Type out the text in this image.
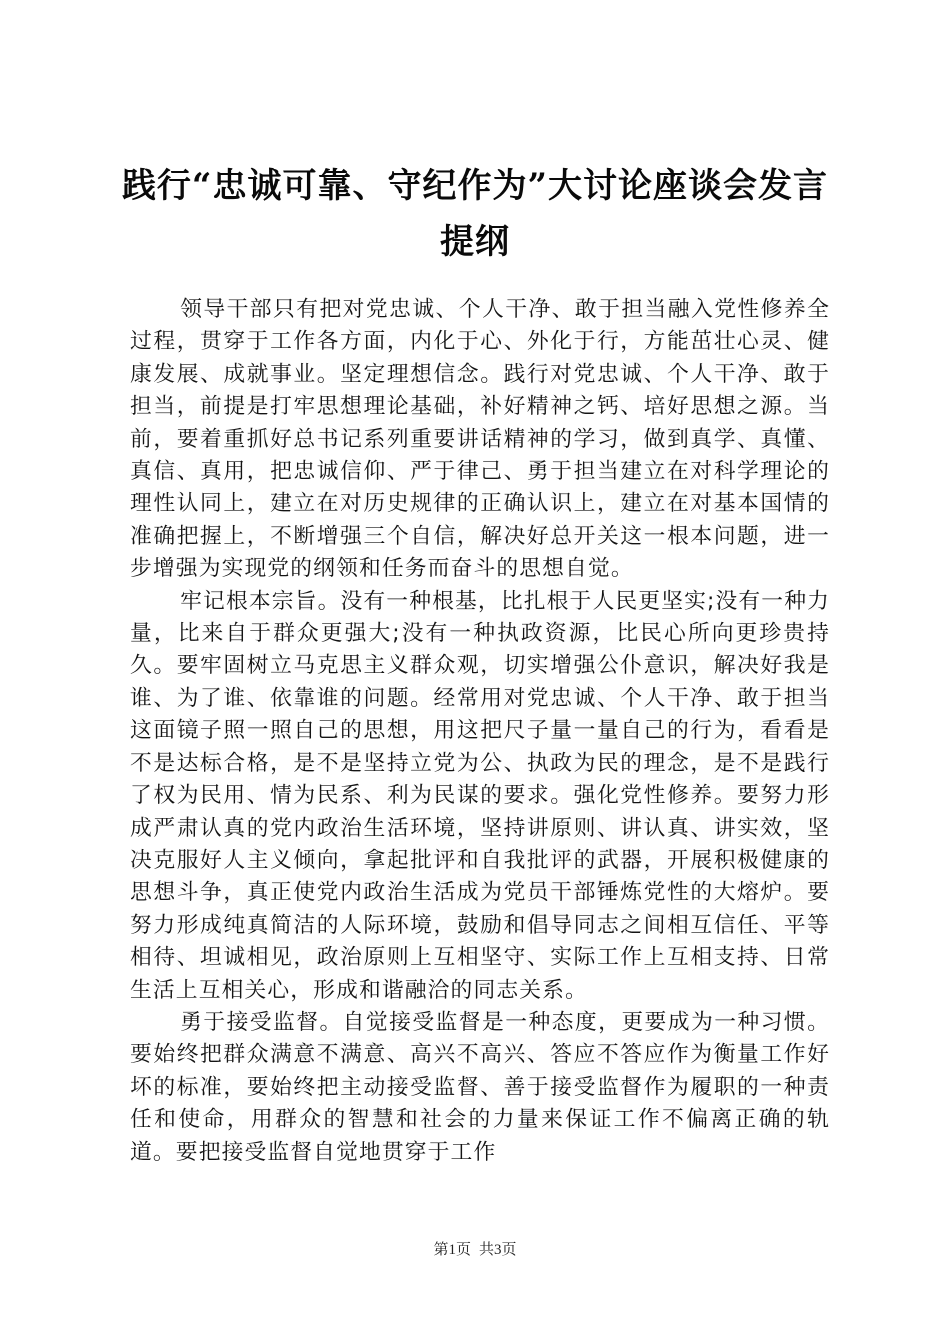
践行“忠诚可靠、守纪作为”大讨论座谈会发言提纲

领导干部只有把对党忠诚、个人干净、敢于担当融入党性修养全过程，贯穿于工作各方面，内化于心、外化于行，方能茁壮心灵、健康发展、成就事业。坚定理想信念。践行对党忠诚、个人干净、敢于担当，前提是打牢思想理论基础，补好精神之钙、培好思想之源。当前，要着重抓好总书记系列重要讲话精神的学习，做到真学、真懂、真信、真用，把忠诚信仰、严于律己、勇于担当建立在对科学理论的理性认同上，建立在对历史规律的正确认识上，建立在对基本国情的准确把握上，不断增强三个自信，解决好总开关这一根本问题，进一步增强为实现党的纲领和任务而奋斗的思想自觉。

牢记根本宗旨。没有一种根基，比扎根于人民更坚实;没有一种力量，比来自于群众更强大;没有一种执政资源，比民心所向更珍贵持久。要牢固树立马克思主义群众观，切实增强公仆意识，解决好我是谁、为了谁、依靠谁的问题。经常用对党忠诚、个人干净、敢于担当这面镜子照一照自己的思想，用这把尺子量一量自己的行为，看看是不是达标合格，是不是坚持立党为公、执政为民的理念，是不是践行了权为民用、情为民系、利为民谋的要求。强化党性修养。要努力形成严肃认真的党内政治生活环境，坚持讲原则、讲认真、讲实效，坚决克服好人主义倾向，拿起批评和自我批评的武器，开展积极健康的思想斗争，真正使党内政治生活成为党员干部锤炼党性的大熔炉。要努力形成纯真简洁的人际环境，鼓励和倡导同志之间相互信任、平等相待、坦诚相见，政治原则上互相坚守、实际工作上互相支持、日常生活上互相关心，形成和谐融洽的同志关系。

勇于接受监督。自觉接受监督是一种态度，更要成为一种习惯。要始终把群众满意不满意、高兴不高兴、答应不答应作为衡量工作好坏的标准，要始终把主动接受监督、善于接受监督作为履职的一种责任和使命，用群众的智慧和社会的力量来保证工作不偏离正确的轨道。要把接受监督自觉地贯穿于工作

第1页 共3页
